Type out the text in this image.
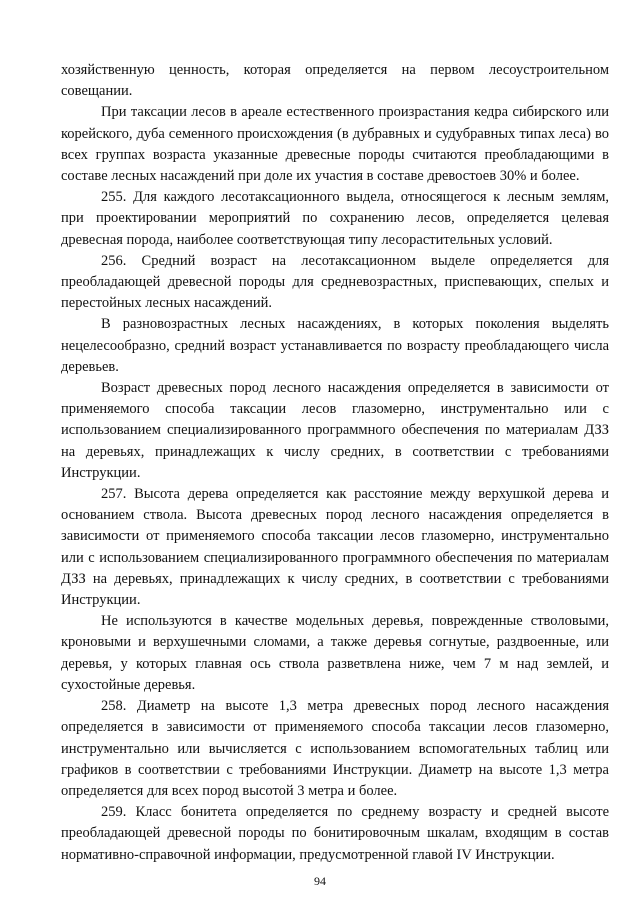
хозяйственную ценность, которая определяется на первом лесоустроительном совещании.

При таксации лесов в ареале естественного произрастания кедра сибирского или корейского, дуба семенного происхождения (в дубравных и судубравных типах леса) во всех группах возраста указанные древесные породы считаются преобладающими в составе лесных насаждений при доле их участия в составе древостоев 30% и более.

255. Для каждого лесотаксационного выдела, относящегося к лесным землям, при проектировании мероприятий по сохранению лесов, определяется целевая древесная порода, наиболее соответствующая типу лесорастительных условий.

256. Средний возраст на лесотаксационном выделе определяется для преобладающей древесной породы для средневозрастных, приспевающих, спелых и перестойных лесных насаждений.

В разновозрастных лесных насаждениях, в которых поколения выделять нецелесообразно, средний возраст устанавливается по возрасту преобладающего числа деревьев.

Возраст древесных пород лесного насаждения определяется в зависимости от применяемого способа таксации лесов глазомерно, инструментально или с использованием специализированного программного обеспечения по материалам ДЗЗ на деревьях, принадлежащих к числу средних, в соответствии с требованиями Инструкции.

257. Высота дерева определяется как расстояние между верхушкой дерева и основанием ствола. Высота древесных пород лесного насаждения определяется в зависимости от применяемого способа таксации лесов глазомерно, инструментально или с использованием специализированного программного обеспечения по материалам ДЗЗ на деревьях, принадлежащих к числу средних, в соответствии с требованиями Инструкции.

Не используются в качестве модельных деревья, поврежденные стволовыми, кроновыми и верхушечными сломами, а также деревья согнутые, раздвоенные, или деревья, у которых главная ось ствола разветвлена ниже, чем 7 м над землей, и сухостойные деревья.

258. Диаметр на высоте 1,3 метра древесных пород лесного насаждения определяется в зависимости от применяемого способа таксации лесов глазомерно, инструментально или вычисляется с использованием вспомогательных таблиц или графиков в соответствии с требованиями Инструкции. Диаметр на высоте 1,3 метра определяется для всех пород высотой 3 метра и более.

259. Класс бонитета определяется по среднему возрасту и средней высоте преобладающей древесной породы по бонитировочным шкалам, входящим в состав нормативно-справочной информации, предусмотренной главой IV Инструкции.

94
